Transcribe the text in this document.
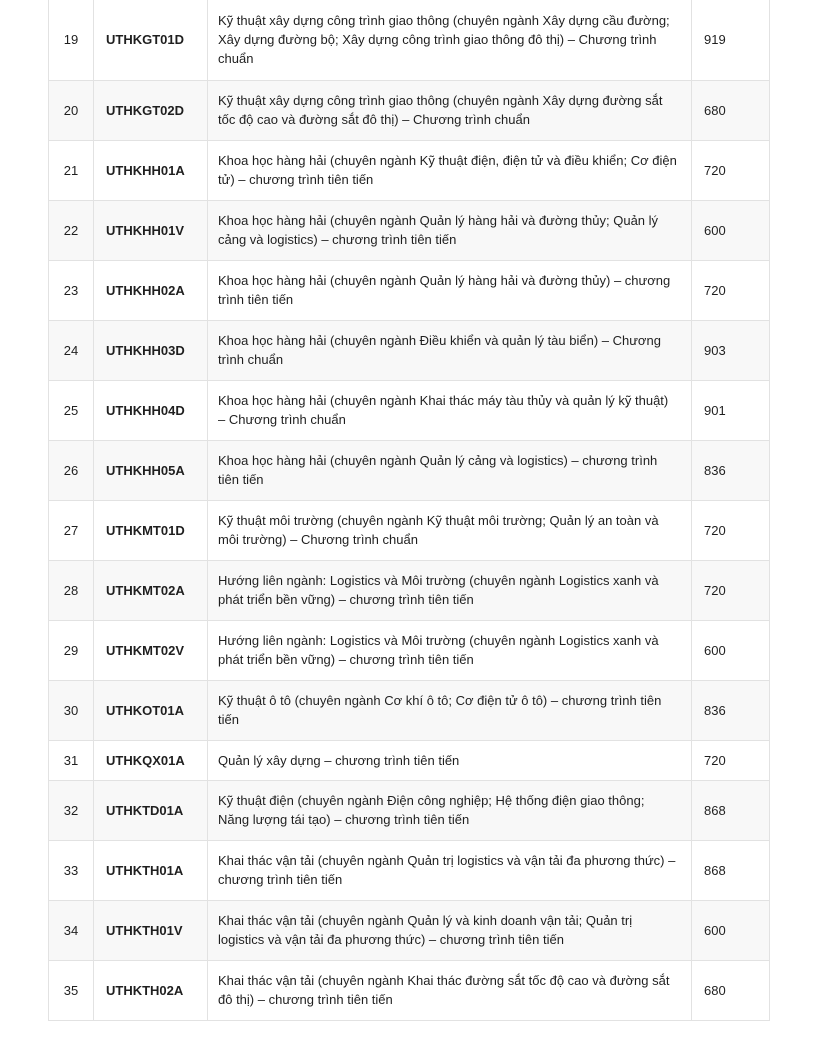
19	UTHKGT01D	Kỹ thuật xây dựng công trình giao thông (chuyên ngành Xây dựng cầu đường; Xây dựng đường bộ; Xây dựng công trình giao thông đô thị) – Chương trình chuẩn	919

20	UTHKGT02D	Kỹ thuật xây dựng công trình giao thông (chuyên ngành Xây dựng đường sắt tốc độ cao và đường sắt đô thị) – Chương trình chuẩn	680

21	UTHKHH01A	Khoa học hàng hải (chuyên ngành Kỹ thuật điện, điện tử và điều khiển; Cơ điện tử) – chương trình tiên tiến	720

22	UTHKHH01V	Khoa học hàng hải (chuyên ngành Quản lý hàng hải và đường thủy; Quản lý cảng và logistics) – chương trình tiên tiến	600

23	UTHKHH02A	Khoa học hàng hải (chuyên ngành Quản lý hàng hải và đường thủy) – chương trình tiên tiến	720

24	UTHKHH03D	Khoa học hàng hải (chuyên ngành Điều khiển và quản lý tàu biển) – Chương trình chuẩn	903

25	UTHKHH04D	Khoa học hàng hải (chuyên ngành Khai thác máy tàu thủy và quản lý kỹ thuật) – Chương trình chuẩn	901

26	UTHKHH05A	Khoa học hàng hải (chuyên ngành Quản lý cảng và logistics) – chương trình tiên tiến	836

27	UTHKMT01D	Kỹ thuật môi trường (chuyên ngành Kỹ thuật môi trường; Quản lý an toàn và môi trường) – Chương trình chuẩn	720

28	UTHKMT02A	Hướng liên ngành: Logistics và Môi trường (chuyên ngành Logistics xanh và phát triển bền vững) – chương trình tiên tiến	720

29	UTHKMT02V	Hướng liên ngành: Logistics và Môi trường (chuyên ngành Logistics xanh và phát triển bền vững) – chương trình tiên tiến	600

30	UTHKOT01A	Kỹ thuật ô tô (chuyên ngành Cơ khí ô tô; Cơ điện tử ô tô) – chương trình tiên tiến	836

31	UTHKQX01A	Quản lý xây dựng – chương trình tiên tiến	720

32	UTHKTD01A	Kỹ thuật điện (chuyên ngành Điện công nghiệp; Hệ thống điện giao thông; Năng lượng tái tạo) – chương trình tiên tiến	868

33	UTHKTH01A	Khai thác vận tải (chuyên ngành Quản trị logistics và vận tải đa phương thức) – chương trình tiên tiến	868

34	UTHKTH01V	Khai thác vận tải (chuyên ngành Quản lý và kinh doanh vận tải; Quản trị logistics và vận tải đa phương thức) – chương trình tiên tiến	600

35	UTHKTH02A	Khai thác vận tải (chuyên ngành Khai thác đường sắt tốc độ cao và đường sắt đô thị) – chương trình tiên tiến	680
